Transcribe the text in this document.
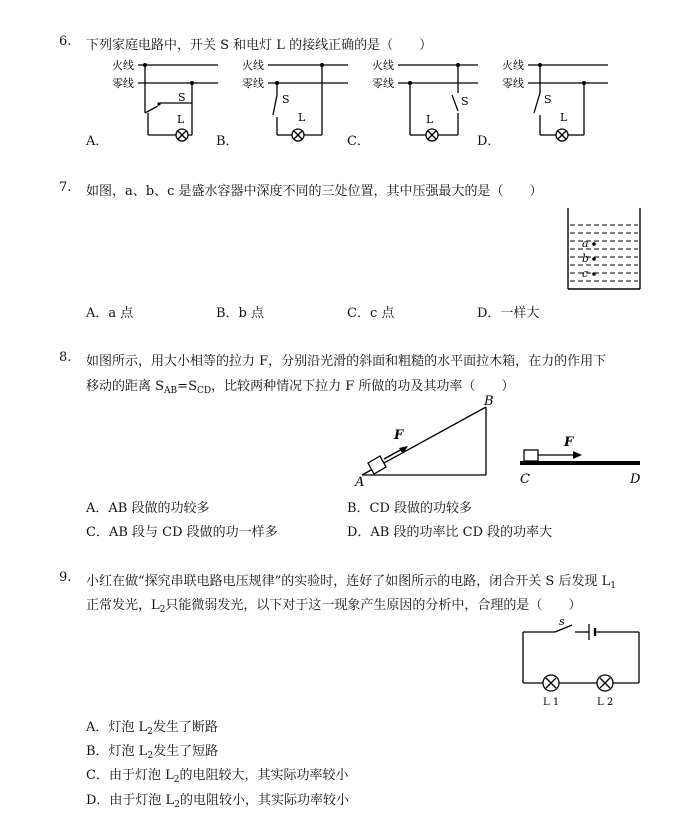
6. 下列家庭电路中，开关 S 和电灯 L 的接线正确的是（　　）
火线
零线
S
L
A．
火线
零线
S
L
B．
火线
零线
S
L
C．
火线
零线
S
L
D．
7. 如图，a、b、c 是盛水容器中深度不同的三处位置，其中压强最大的是（　　）
a
b
c
A．a 点	B．b 点	C．c 点	D．一样大
8. 如图所示，用大小相等的拉力 F，分别沿光滑的斜面和粗糙的水平面拉木箱，在力的作用下
移动的距离 $S_{AB}=S_{CD}$，比较两种情况下拉力 F 所做的功及其功率（　　）
A
B
F	F
C	D
A．AB 段做的功较多	B．CD 段做的功较多
C．AB 段与 CD 段做的功一样多	D．AB 段的功率比 CD 段的功率大
9. 小红在做“探究串联电路电压规律”的实验时，连好了如图所示的电路，闭合开关 S 后发现 $L_1$
正常发光，$L_2$只能微弱发光，以下对于这一现象产生原因的分析中，合理的是（　　）
s
L 1	L 2
A．灯泡 $L_2$发生了断路
B．灯泡 $L_2$发生了短路
C．由于灯泡 $L_2$的电阻较大，其实际功率较小
D．由于灯泡 $L_2$的电阻较小，其实际功率较小
